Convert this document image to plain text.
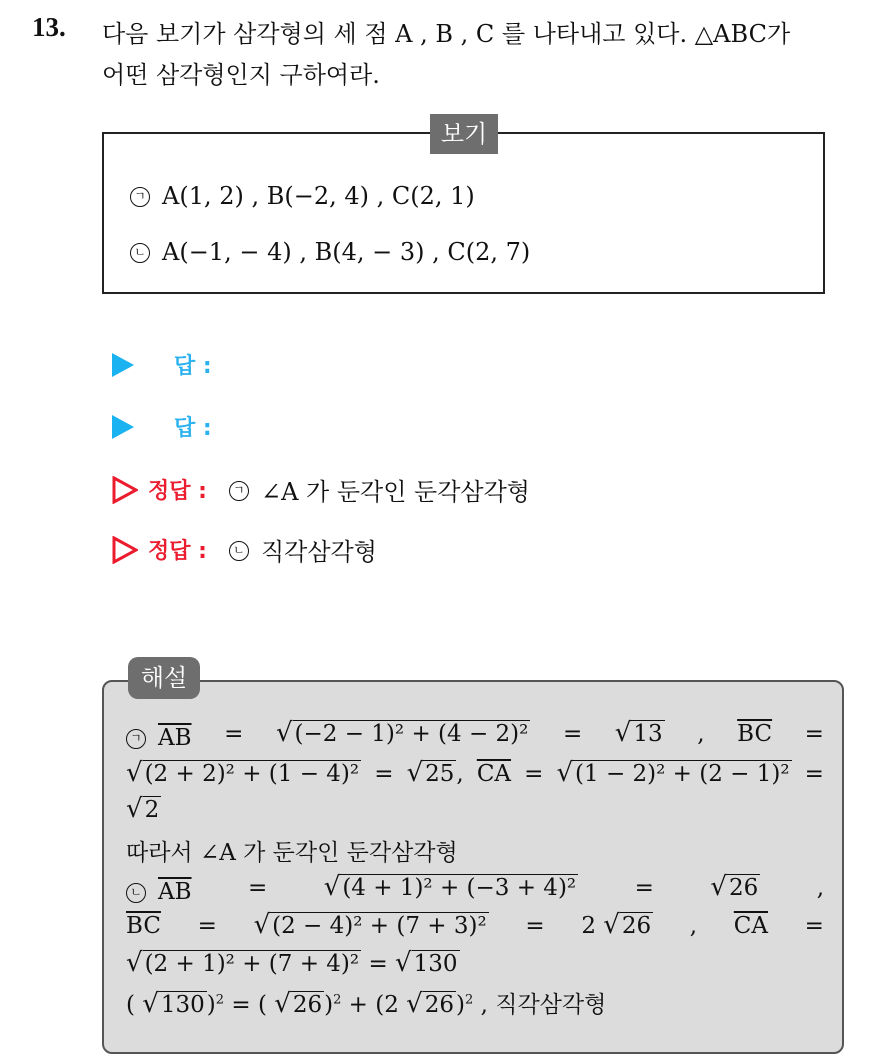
13. 다음 보기가 삼각형의 세 점 A , B , C 를 나타내고 있다. △ABC가
어떤 삼각형인지 구하여라.
보기
ㄱ A(1, 2) , B(−2, 4) , C(2, 1)
ㄴ A(−1, − 4) , B(4, − 3) , C(2, 7)
답 :
답 :
정답 :	ㄱ ∠A 가 둔각인 둔각삼각형
정답 :	ㄴ 직각삼각형
해설
ㄱ $\overline{AB} = √(-2 - 1)^2 + (4 - 2)^2 = √13$ , $\overline{BC}$ =
√(2 + 2)² + (1 − 4)² = √25, $\overline{CA} = √(1 - 2)^2 + (2 - 1)^2$ =
√2
따라서 ∠A 가 둔각인 둔각삼각형
ㄴ $\overline{AB} = √(4 + 1)^2 + (-3 + 4)^2$	= √26	,
$\overline{BC} = √(2 - 4)^2 + (7 + 3)^2 = 2$ √26 , $\overline{CA}$ =
√(2 + 1)² + (7 + 4)² = √130
( √130)$^2$ = ( √26)$^2$ + (2 √26)$^2$ , 직각삼각형
